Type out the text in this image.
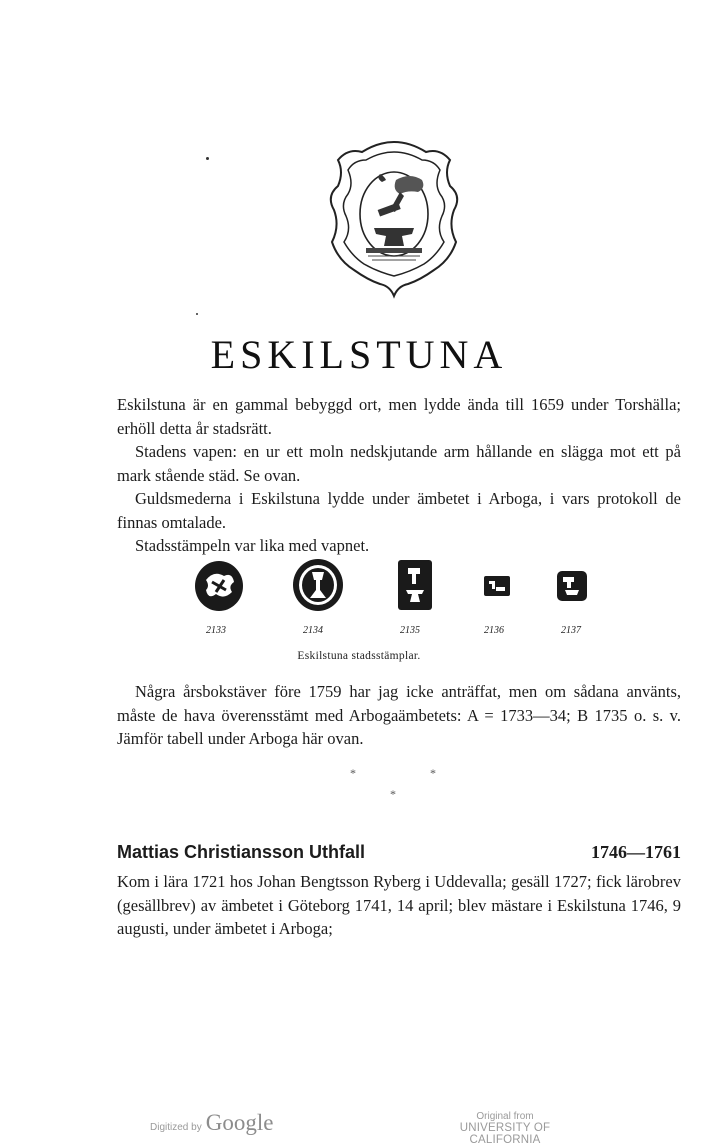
ESKILSTUNA

Eskilstuna är en gammal bebyggd ort, men lydde ända till 1659 under Torshälla; erhöll detta år stadsrätt.

Stadens vapen: en ur ett moln nedskjutande arm hållande en slägga mot ett på mark stående städ. Se ovan.

Guldsmederna i Eskilstuna lydde under ämbetet i Arboga, i vars protokoll de finnas omtalade.

Stadsstämpeln var lika med vapnet.

2133	2134	2135	2136	2137
Eskilstuna stadsstämplar.

Några årsbokstäver före 1759 har jag icke anträffat, men om sådana använts, måste de hava överensstämt med Arbogaämbetets: A = 1733—34; B 1735 o. s. v. Jämför tabell under Arboga här ovan.

*	*
*
Mattias Christiansson Uthfall	1746—1761

Kom i lära 1721 hos Johan Bengtsson Ryberg i Uddevalla; gesäll 1727; fick lärobrev (gesällbrev) av ämbetet i Göteborg 1741, 14 april; blev mästare i Eskilstuna 1746, 9 augusti, under ämbetet i Arboga;

Digitized by Google	Original from
UNIVERSITY OF CALIFORNIA
